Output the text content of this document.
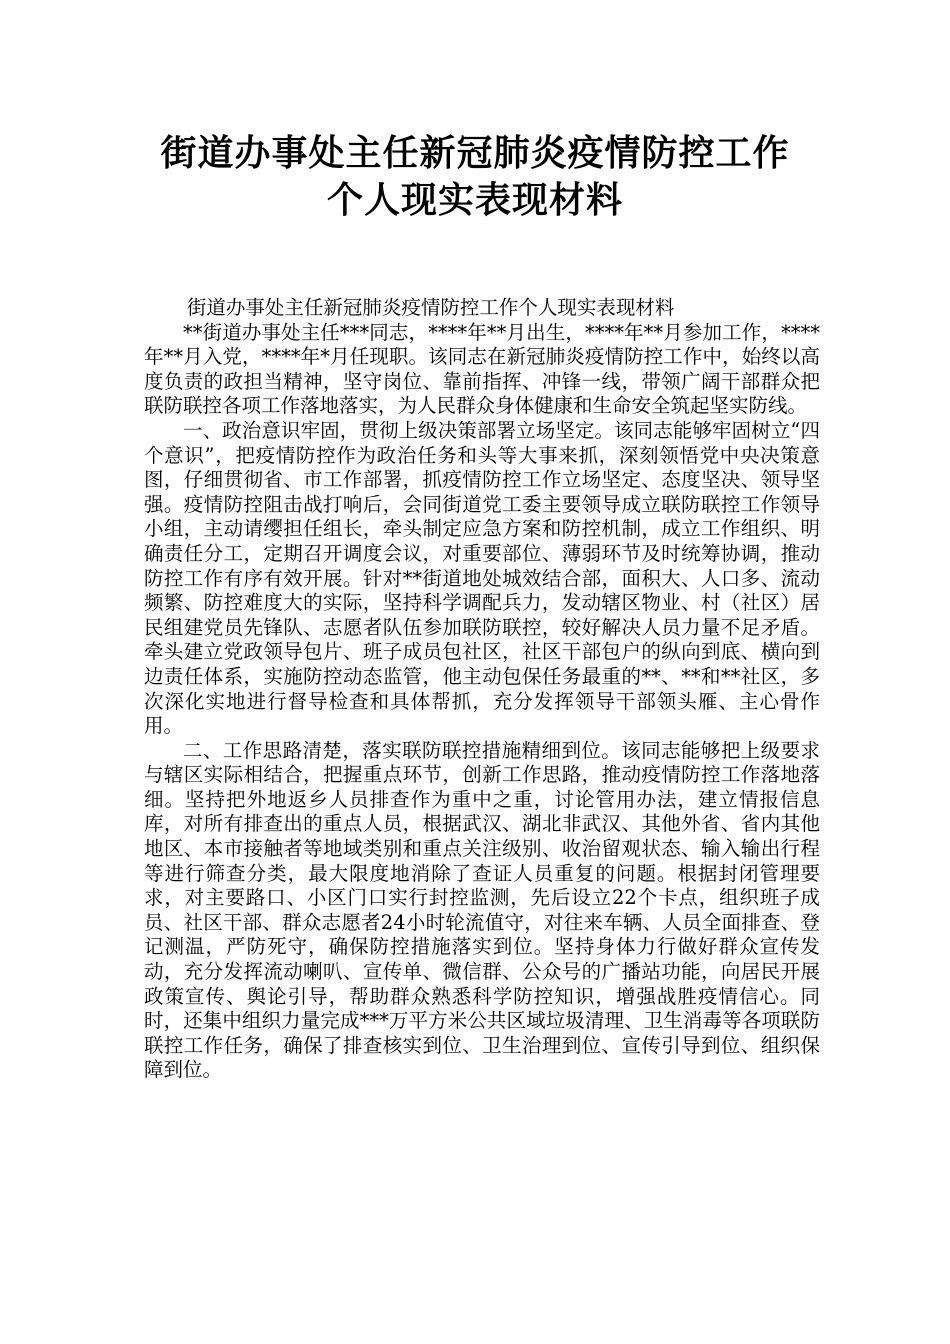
街道办事处主任新冠肺炎疫情防控工作
个人现实表现材料

街道办事处主任新冠肺炎疫情防控工作个人现实表现材料

**街道办事处主任***同志，****年**月出生，****年**月参加工作，****年**月入党，****年*月任现职。该同志在新冠肺炎疫情防控工作中，始终以高度负责的政担当精神，坚守岗位、靠前指挥、冲锋一线，带领广阔干部群众把联防联控各项工作落地落实，为人民群众身体健康和生命安全筑起坚实防线。

一、政治意识牢固，贯彻上级决策部署立场坚定。该同志能够牢固树立“四个意识”，把疫情防控作为政治任务和头等大事来抓，深刻领悟党中央决策意图，仔细贯彻省、市工作部署，抓疫情防控工作立场坚定、态度坚决、领导坚强。疫情防控阻击战打响后，会同街道党工委主要领导成立联防联控工作领导小组，主动请缨担任组长，牵头制定应急方案和防控机制，成立工作组织、明确责任分工，定期召开调度会议，对重要部位、薄弱环节及时统筹协调，推动防控工作有序有效开展。针对**街道地处城效结合部，面积大、人口多、流动频繁、防控难度大的实际，坚持科学调配兵力，发动辖区物业、村（社区）居民组建党员先锋队、志愿者队伍参加联防联控，较好解决人员力量不足矛盾。牵头建立党政领导包片、班子成员包社区，社区干部包户的纵向到底、横向到边责任体系，实施防控动态监管，他主动包保任务最重的**、**和**社区，多次深化实地进行督导检查和具体帮抓，充分发挥领导干部领头雁、主心骨作用。

二、工作思路清楚，落实联防联控措施精细到位。该同志能够把上级要求与辖区实际相结合，把握重点环节，创新工作思路，推动疫情防控工作落地落细。坚持把外地返乡人员排查作为重中之重，讨论管用办法，建立情报信息库，对所有排查出的重点人员，根据武汉、湖北非武汉、其他外省、省内其他地区、本市接触者等地域类别和重点关注级别、收治留观状态、输入输出行程等进行筛查分类，最大限度地消除了查证人员重复的问题。根据封闭管理要求，对主要路口、小区门口实行封控监测，先后设立22个卡点，组织班子成员、社区干部、群众志愿者24小时轮流值守，对往来车辆、人员全面排查、登记测温，严防死守，确保防控措施落实到位。坚持身体力行做好群众宣传发动，充分发挥流动喇叭、宣传单、微信群、公众号的广播站功能，向居民开展政策宣传、舆论引导，帮助群众熟悉科学防控知识，增强战胜疫情信心。同时，还集中组织力量完成***万平方米公共区域垃圾清理、卫生消毒等各项联防联控工作任务，确保了排查核实到位、卫生治理到位、宣传引导到位、组织保障到位。
